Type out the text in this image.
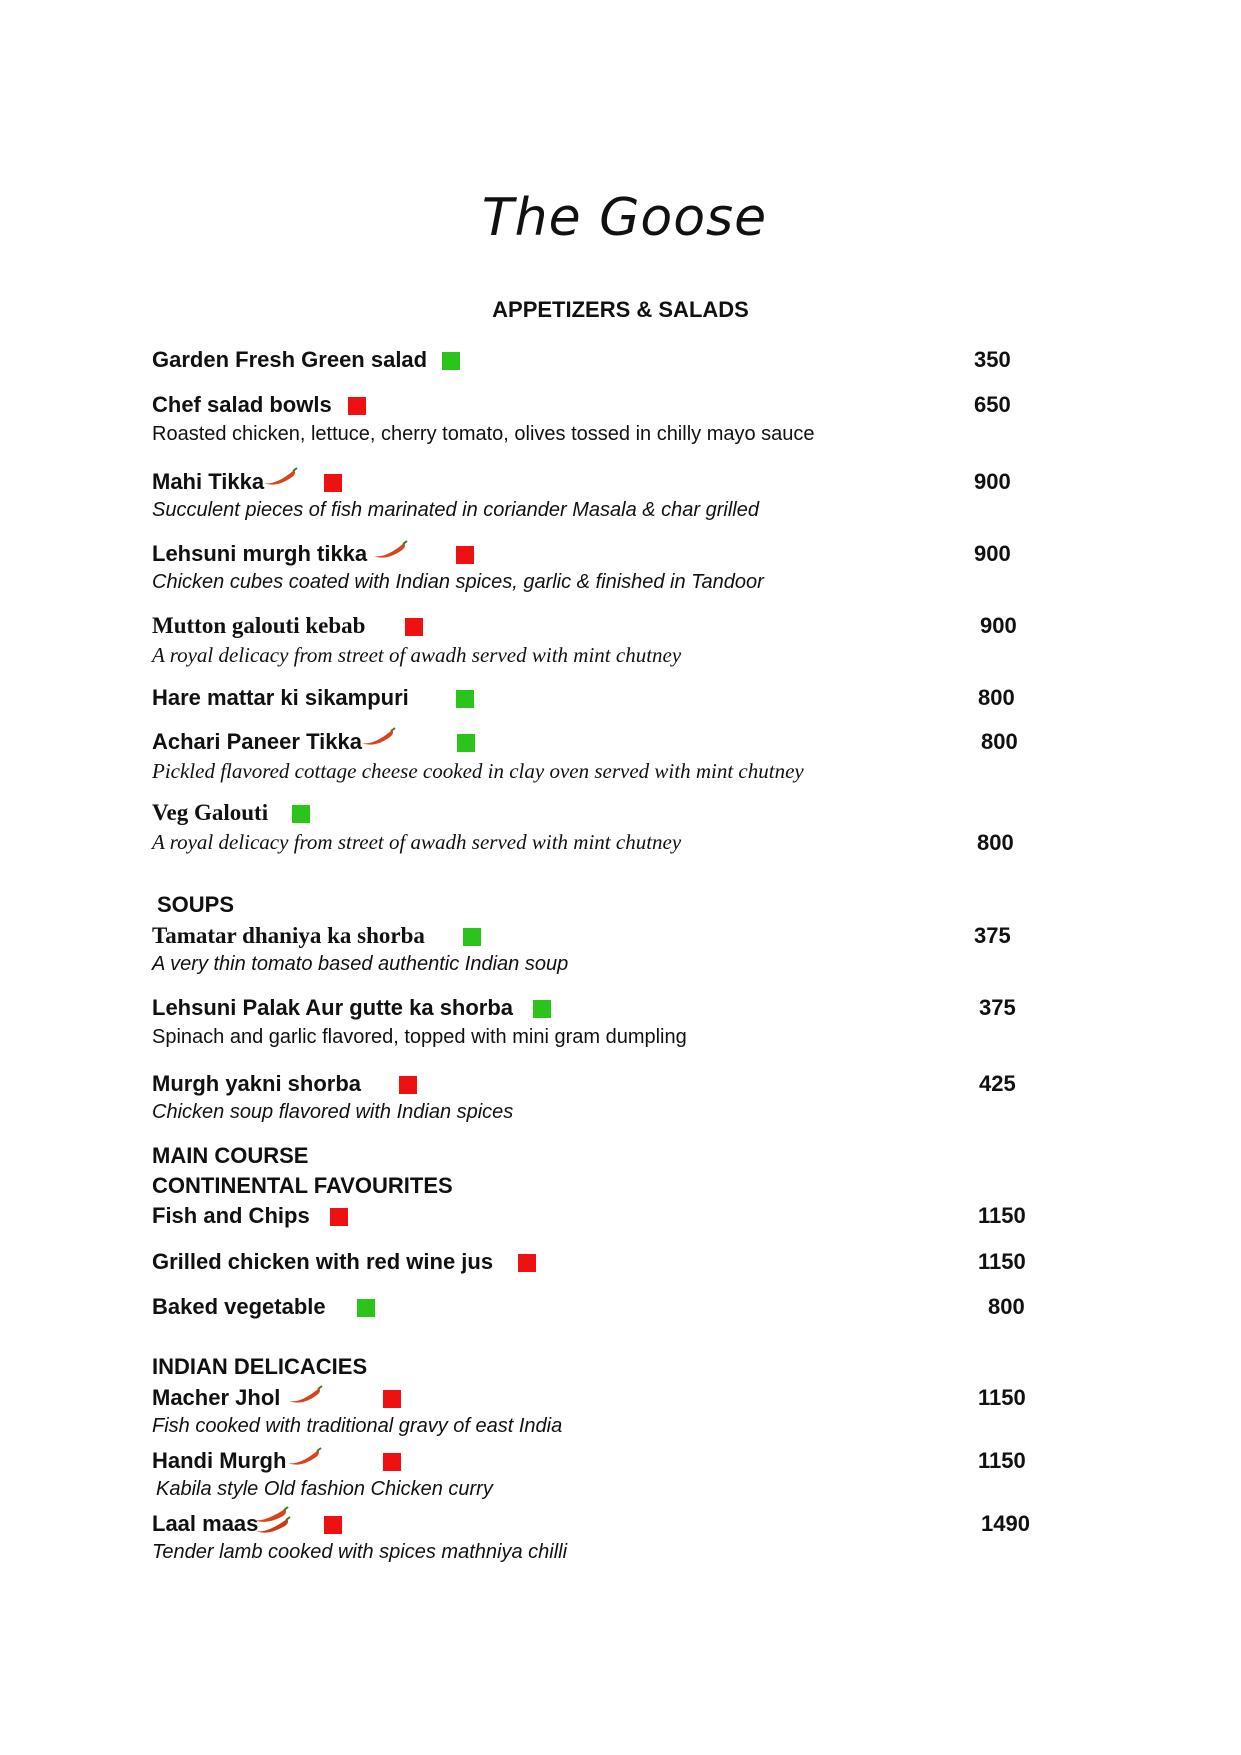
The Goose
APPETIZERS & SALADS
Garden Fresh Green salad	350
Chef salad bowls	650
Roasted chicken, lettuce, cherry tomato, olives tossed in chilly mayo sauce
Mahi Tikka	900
Succulent pieces of fish marinated in coriander Masala & char grilled
Lehsuni murgh tikka	900
Chicken cubes coated with Indian spices, garlic & finished in Tandoor
Mutton galouti kebab	900
A royal delicacy from street of awadh served with mint chutney
Hare mattar ki sikampuri	800
Achari Paneer Tikka	800
Pickled flavored cottage cheese cooked in clay oven served with mint chutney
Veg Galouti
A royal delicacy from street of awadh served with mint chutney	800
SOUPS
Tamatar dhaniya ka shorba	375
A very thin tomato based authentic Indian soup
Lehsuni Palak Aur gutte ka shorba	375
Spinach and garlic flavored, topped with mini gram dumpling
Murgh yakni shorba	425
Chicken soup flavored with Indian spices
MAIN COURSE
CONTINENTAL FAVOURITES
Fish and Chips	1150
Grilled chicken with red wine jus	1150
Baked vegetable	800
INDIAN DELICACIES
Macher Jhol	1150
Fish cooked with traditional gravy of east India
Handi Murgh	1150
Kabila style Old fashion Chicken curry
Laal maas	1490
Tender lamb cooked with spices mathniya chilli
